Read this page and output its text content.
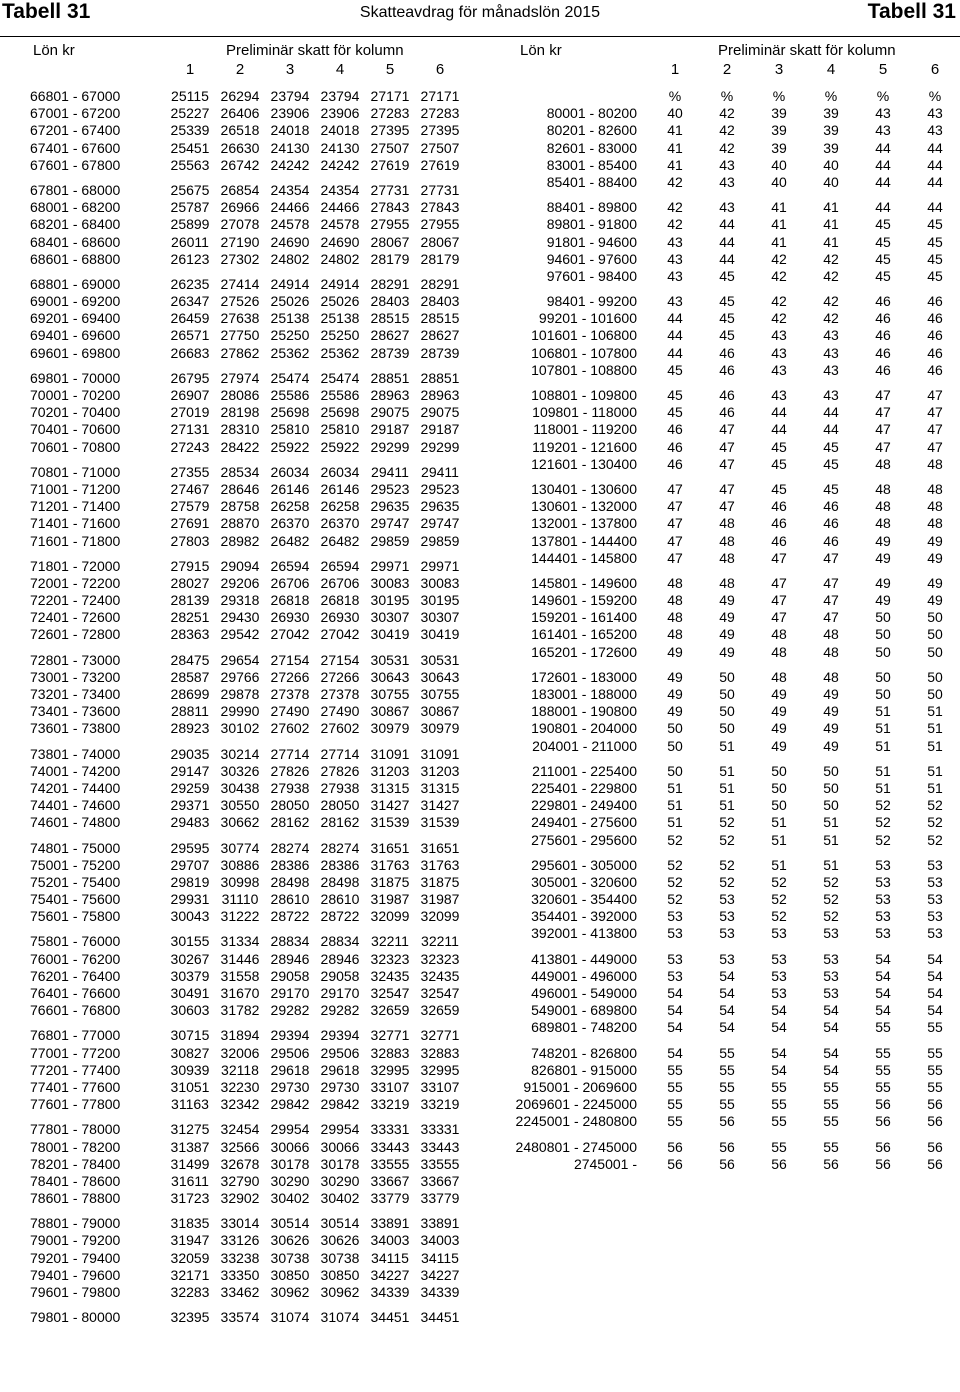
Tabell 31	Skatteavdrag för månadslön 2015	Tabell 31
Lön kr	Preliminär skatt för kolumn	Lön kr	Preliminär skatt för kolumn
1	2	3	4	5	6	1	2	3	4	5	6
66801 - 67000	25115 26294 23794 23794 27171 27171
67001 - 67200	25227 26406 23906 23906 27283 27283
67201 - 67400	25339 26518 24018 24018 27395 27395
67401 - 67600	25451 26630 24130 24130 27507 27507
67601 - 67800	25563 26742 24242 24242 27619 27619
67801 - 68000	25675 26854 24354 24354 27731 27731
68001 - 68200	25787 26966 24466 24466 27843 27843
68201 - 68400	25899 27078 24578 24578 27955 27955
68401 - 68600	26011 27190 24690 24690 28067 28067
68601 - 68800	26123 27302 24802 24802 28179 28179
68801 - 69000	26235 27414 24914 24914 28291 28291
69001 - 69200	26347 27526 25026 25026 28403 28403
69201 - 69400	26459 27638 25138 25138 28515 28515
69401 - 69600	26571 27750 25250 25250 28627 28627
69601 - 69800	26683 27862 25362 25362 28739 28739
69801 - 70000	26795 27974 25474 25474 28851 28851
70001 - 70200	26907 28086 25586 25586 28963 28963
70201 - 70400	27019 28198 25698 25698 29075 29075
70401 - 70600	27131 28310 25810 25810 29187 29187
70601 - 70800	27243 28422 25922 25922 29299 29299
70801 - 71000	27355 28534 26034 26034 29411 29411
71001 - 71200	27467 28646 26146 26146 29523 29523
71201 - 71400	27579 28758 26258 26258 29635 29635
71401 - 71600	27691 28870 26370 26370 29747 29747
71601 - 71800	27803 28982 26482 26482 29859 29859
71801 - 72000	27915 29094 26594 26594 29971 29971
72001 - 72200	28027 29206 26706 26706 30083 30083
72201 - 72400	28139 29318 26818 26818 30195 30195
72401 - 72600	28251 29430 26930 26930 30307 30307
72601 - 72800	28363 29542 27042 27042 30419 30419
72801 - 73000	28475 29654 27154 27154 30531 30531
73001 - 73200	28587 29766 27266 27266 30643 30643
73201 - 73400	28699 29878 27378 27378 30755 30755
73401 - 73600	28811 29990 27490 27490 30867 30867
73601 - 73800	28923 30102 27602 27602 30979 30979
73801 - 74000	29035 30214 27714 27714 31091 31091
74001 - 74200	29147 30326 27826 27826 31203 31203
74201 - 74400	29259 30438 27938 27938 31315 31315
74401 - 74600	29371 30550 28050 28050 31427 31427
74601 - 74800	29483 30662 28162 28162 31539 31539
74801 - 75000	29595 30774 28274 28274 31651 31651
75001 - 75200	29707 30886 28386 28386 31763 31763
75201 - 75400	29819 30998 28498 28498 31875 31875
75401 - 75600	29931 31110 28610 28610 31987 31987
75601 - 75800	30043 31222 28722 28722 32099 32099
75801 - 76000	30155 31334 28834 28834 32211 32211
76001 - 76200	30267 31446 28946 28946 32323 32323
76201 - 76400	30379 31558 29058 29058 32435 32435
76401 - 76600	30491 31670 29170 29170 32547 32547
76601 - 76800	30603 31782 29282 29282 32659 32659
76801 - 77000	30715 31894 29394 29394 32771 32771
77001 - 77200	30827 32006 29506 29506 32883 32883
77201 - 77400	30939 32118 29618 29618 32995 32995
77401 - 77600	31051 32230 29730 29730 33107 33107
77601 - 77800	31163 32342 29842 29842 33219 33219
77801 - 78000	31275 32454 29954 29954 33331 33331
78001 - 78200	31387 32566 30066 30066 33443 33443
78201 - 78400	31499 32678 30178 30178 33555 33555
78401 - 78600	31611 32790 30290 30290 33667 33667
78601 - 78800	31723 32902 30402 30402 33779 33779
78801 - 79000	31835 33014 30514 30514 33891 33891
79001 - 79200	31947 33126 30626 30626 34003 34003
79201 - 79400	32059 33238 30738 30738 34115 34115
79401 - 79600	32171 33350 30850 30850 34227 34227
79601 - 79800	32283 33462 30962 30962 34339 34339
79801 - 80000	32395 33574 31074 31074 34451 34451
%	%	%	%	%	%
80001 - 80200	40	42	39	39	43	43
80201 - 82600	41	42	39	39	43	43
82601 - 83000	41	42	39	39	44	44
83001 - 85400	41	43	40	40	44	44
85401 - 88400	42	43	40	40	44	44
88401 - 89800	42	43	41	41	44	44
89801 - 91800	42	44	41	41	45	45
91801 - 94600	43	44	41	41	45	45
94601 - 97600	43	44	42	42	45	45
97601 - 98400	43	45	42	42	45	45
98401 - 99200	43	45	42	42	46	46
99201 - 101600	44	45	42	42	46	46
101601 - 106800	44	45	43	43	46	46
106801 - 107800	44	46	43	43	46	46
107801 - 108800	45	46	43	43	46	46
108801 - 109800	45	46	43	43	47	47
109801 - 118000	45	46	44	44	47	47
118001 - 119200	46	47	44	44	47	47
119201 - 121600	46	47	45	45	47	47
121601 - 130400	46	47	45	45	48	48
130401 - 130600	47	47	45	45	48	48
130601 - 132000	47	47	46	46	48	48
132001 - 137800	47	48	46	46	48	48
137801 - 144400	47	48	46	46	49	49
144401 - 145800	47	48	47	47	49	49
145801 - 149600	48	48	47	47	49	49
149601 - 159200	48	49	47	47	49	49
159201 - 161400	48	49	47	47	50	50
161401 - 165200	48	49	48	48	50	50
165201 - 172600	49	49	48	48	50	50
172601 - 183000	49	50	48	48	50	50
183001 - 188000	49	50	49	49	50	50
188001 - 190800	49	50	49	49	51	51
190801 - 204000	50	50	49	49	51	51
204001 - 211000	50	51	49	49	51	51
211001 - 225400	50	51	50	50	51	51
225401 - 229800	51	51	50	50	51	51
229801 - 249400	51	51	50	50	52	52
249401 - 275600	51	52	51	51	52	52
275601 - 295600	52	52	51	51	52	52
295601 - 305000	52	52	51	51	53	53
305001 - 320600	52	52	52	52	53	53
320601 - 354400	52	53	52	52	53	53
354401 - 392000	53	53	52	52	53	53
392001 - 413800	53	53	53	53	53	53
413801 - 449000	53	53	53	53	54	54
449001 - 496000	53	54	53	53	54	54
496001 - 549000	54	54	53	53	54	54
549001 - 689800	54	54	54	54	54	54
689801 - 748200	54	54	54	54	55	55
748201 - 826800	54	55	54	54	55	55
826801 - 915000	55	55	54	54	55	55
915001 - 2069600	55	55	55	55	55	55
2069601 - 2245000	55	55	55	55	56	56
2245001 - 2480800	55	56	55	55	56	56
2480801 - 2745000	56	56	55	55	56	56
2745001 -	56	56	56	56	56	56
